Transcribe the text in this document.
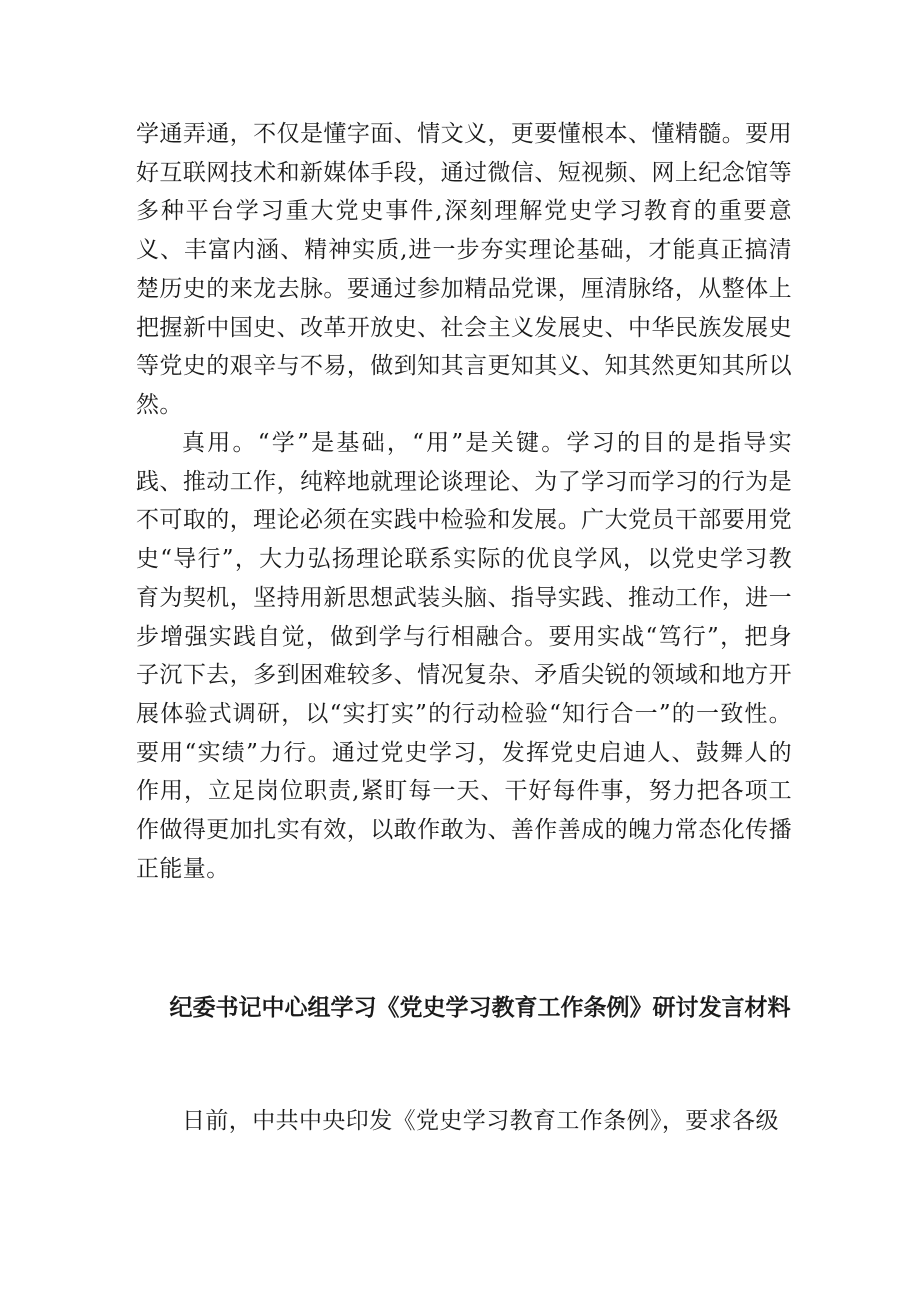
学通弄通，不仅是懂字面、情文义，更要懂根本、懂精髓。要用好互联网技术和新媒体手段，通过微信、短视频、网上纪念馆等多种平台学习重大党史事件,深刻理解党史学习教育的重要意义、丰富内涵、精神实质,进一步夯实理论基础，才能真正搞清楚历史的来龙去脉。要通过参加精品党课，厘清脉络，从整体上把握新中国史、改革开放史、社会主义发展史、中华民族发展史等党史的艰辛与不易，做到知其言更知其义、知其然更知其所以然。

真用。“学”是基础，“用”是关键。学习的目的是指导实践、推动工作，纯粹地就理论谈理论、为了学习而学习的行为是不可取的，理论必须在实践中检验和发展。广大党员干部要用党史“导行”，大力弘扬理论联系实际的优良学风，以党史学习教育为契机，坚持用新思想武装头脑、指导实践、推动工作，进一步增强实践自觉，做到学与行相融合。要用实战“笃行”，把身子沉下去，多到困难较多、情况复杂、矛盾尖锐的领域和地方开展体验式调研，以“实打实”的行动检验“知行合一”的一致性。要用“实绩”力行。通过党史学习，发挥党史启迪人、鼓舞人的作用，立足岗位职责,紧盯每一天、干好每件事，努力把各项工作做得更加扎实有效，以敢作敢为、善作善成的魄力常态化传播正能量。

纪委书记中心组学习《党史学习教育工作条例》研讨发言材料

日前，中共中央印发《党史学习教育工作条例》，要求各级
